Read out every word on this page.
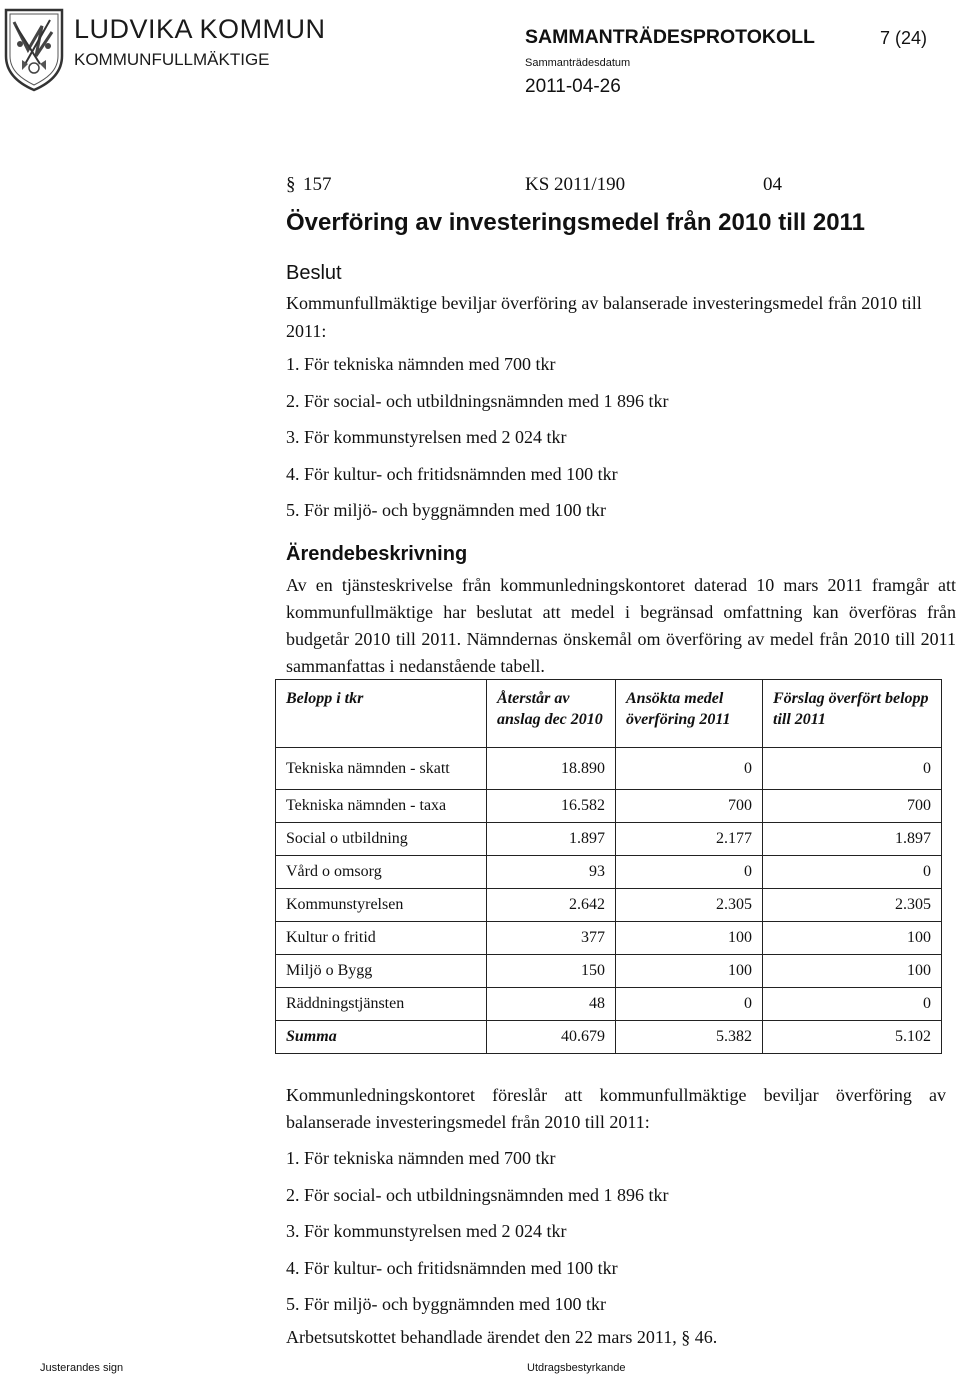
LUDVIKA KOMMUN
KOMMUNFULLMÄKTIGE
SAMMANTRÄDESPROTOKOLL	7 (24)
Sammanträdesdatum
2011-04-26
§ 157	KS 2011/190	04
Överföring av investeringsmedel från 2010 till 2011
Beslut
Kommunfullmäktige beviljar överföring av balanserade investeringsmedel från 2010 till 2011:
1. För tekniska nämnden med 700 tkr
2. För social- och utbildningsnämnden med 1 896 tkr
3. För kommunstyrelsen med 2 024 tkr
4. För kultur- och fritidsnämnden med 100 tkr
5. För miljö- och byggnämnden med 100 tkr
Ärendebeskrivning
Av en tjänsteskrivelse från kommunledningskontoret daterad 10 mars 2011 framgår att kommunfullmäktige har beslutat att medel i begränsad omfattning kan överföras från budgetår 2010 till 2011. Nämndernas önskemål om överföring av medel från 2010 till 2011 sammanfattas i nedanstående tabell.
Belopp i tkr	Återstår av anslag dec 2010	Ansökta medel överföring 2011	Förslag överfört belopp till 2011
Tekniska nämnden - skatt	18.890	0	0
Tekniska nämnden - taxa	16.582	700	700
Social o utbildning	1.897	2.177	1.897
Vård o omsorg	93	0	0
Kommunstyrelsen	2.642	2.305	2.305
Kultur o fritid	377	100	100
Miljö o Bygg	150	100	100
Räddningstjänsten	48	0	0
Summa	40.679	5.382	5.102
Kommunledningskontoret föreslår att kommunfullmäktige beviljar överföring av balanserade investeringsmedel från 2010 till 2011:
1. För tekniska nämnden med 700 tkr
2. För social- och utbildningsnämnden med 1 896 tkr
3. För kommunstyrelsen med 2 024 tkr
4. För kultur- och fritidsnämnden med 100 tkr
5. För miljö- och byggnämnden med 100 tkr
Arbetsutskottet behandlade ärendet den 22 mars 2011, § 46.
Justerandes sign	Utdragsbestyrkande
